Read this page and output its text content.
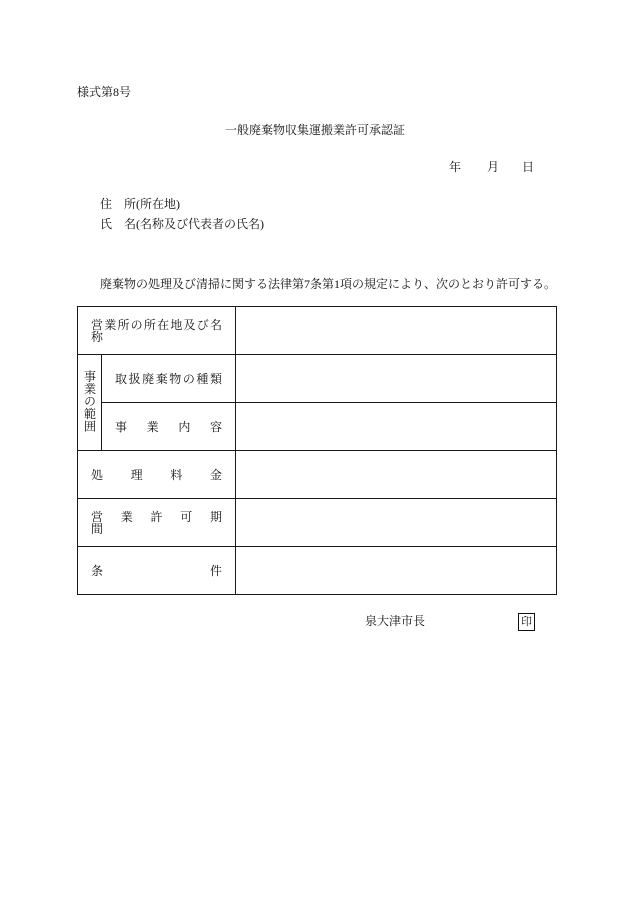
様式第8号
一般廃棄物収集運搬業許可承認証
年 月 日
住　所(所在地)
氏　名(名称及び代表者の氏名)
廃棄物の処理及び清掃に関する法律第7条第1項の規定により、次のとおり許可する。
営業所の所在地及び名称		

事業の範囲	取扱廃棄物の種類	

	事　業　内　容	

処　理　料　金		

営　業　許　可　期　間		

条　　　　件		

泉大津市長	印
